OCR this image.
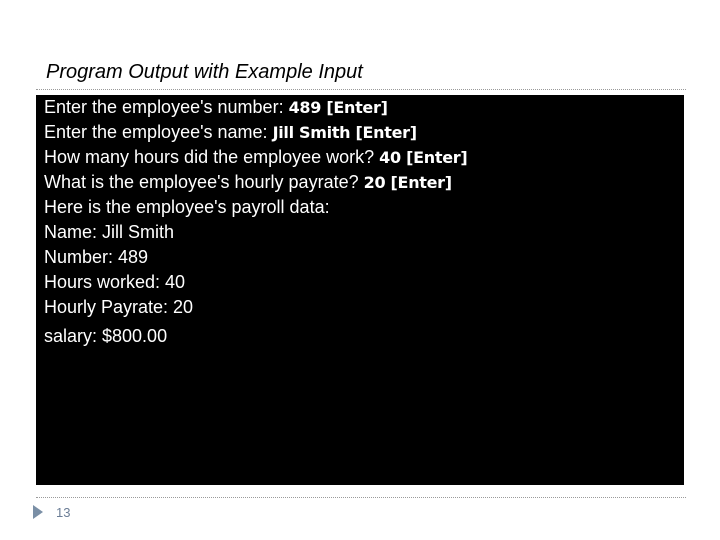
Program Output with Example Input
Enter the employee's number: 489 [Enter]
Enter the employee's name: Jill Smith [Enter]
How many hours did the employee work? 40 [Enter]
What is the employee's hourly payrate? 20 [Enter]
Here is the employee's payroll data:
Name: Jill Smith
Number: 489
Hours worked: 40
Hourly Payrate: 20
salary: $800.00
13
